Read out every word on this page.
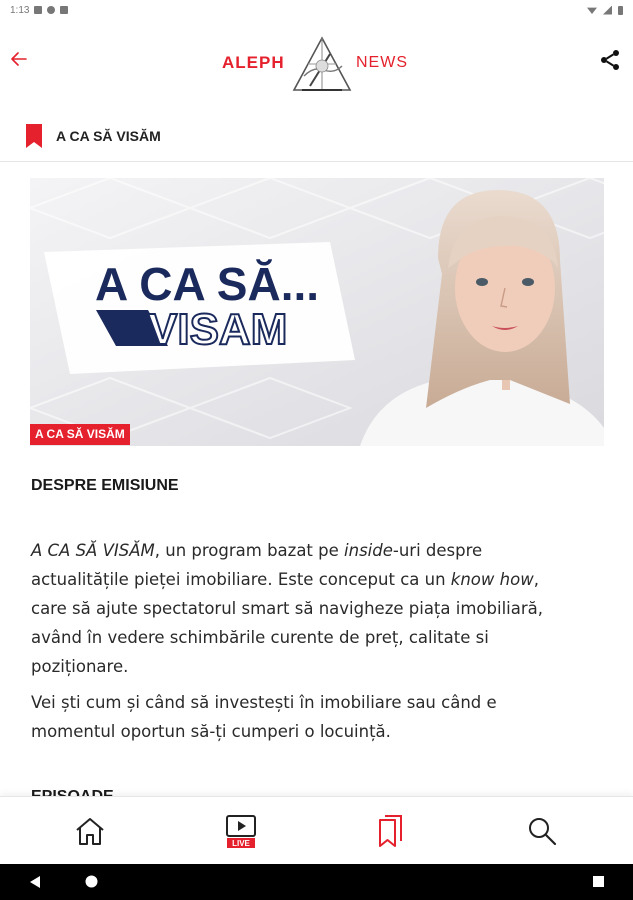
1:13
ALEPH	NEWS
A CA SĂ VISĂM
A CA SĂ...
VISAM
A CA SĂ VISĂM
DESPRE EMISIUNE

A CA SĂ VISĂM, un program bazat pe inside-uri despre actualitățile pieței imobiliare. Este conceput ca un know how, care să ajute spectatorul smart să navigheze piața imobiliară, având în vedere schimbările curente de preț, calitate si poziționare.

Vei ști cum și când să investești în imobiliare sau când e momentul oportun să-ți cumperi o locuință.

LIVE
